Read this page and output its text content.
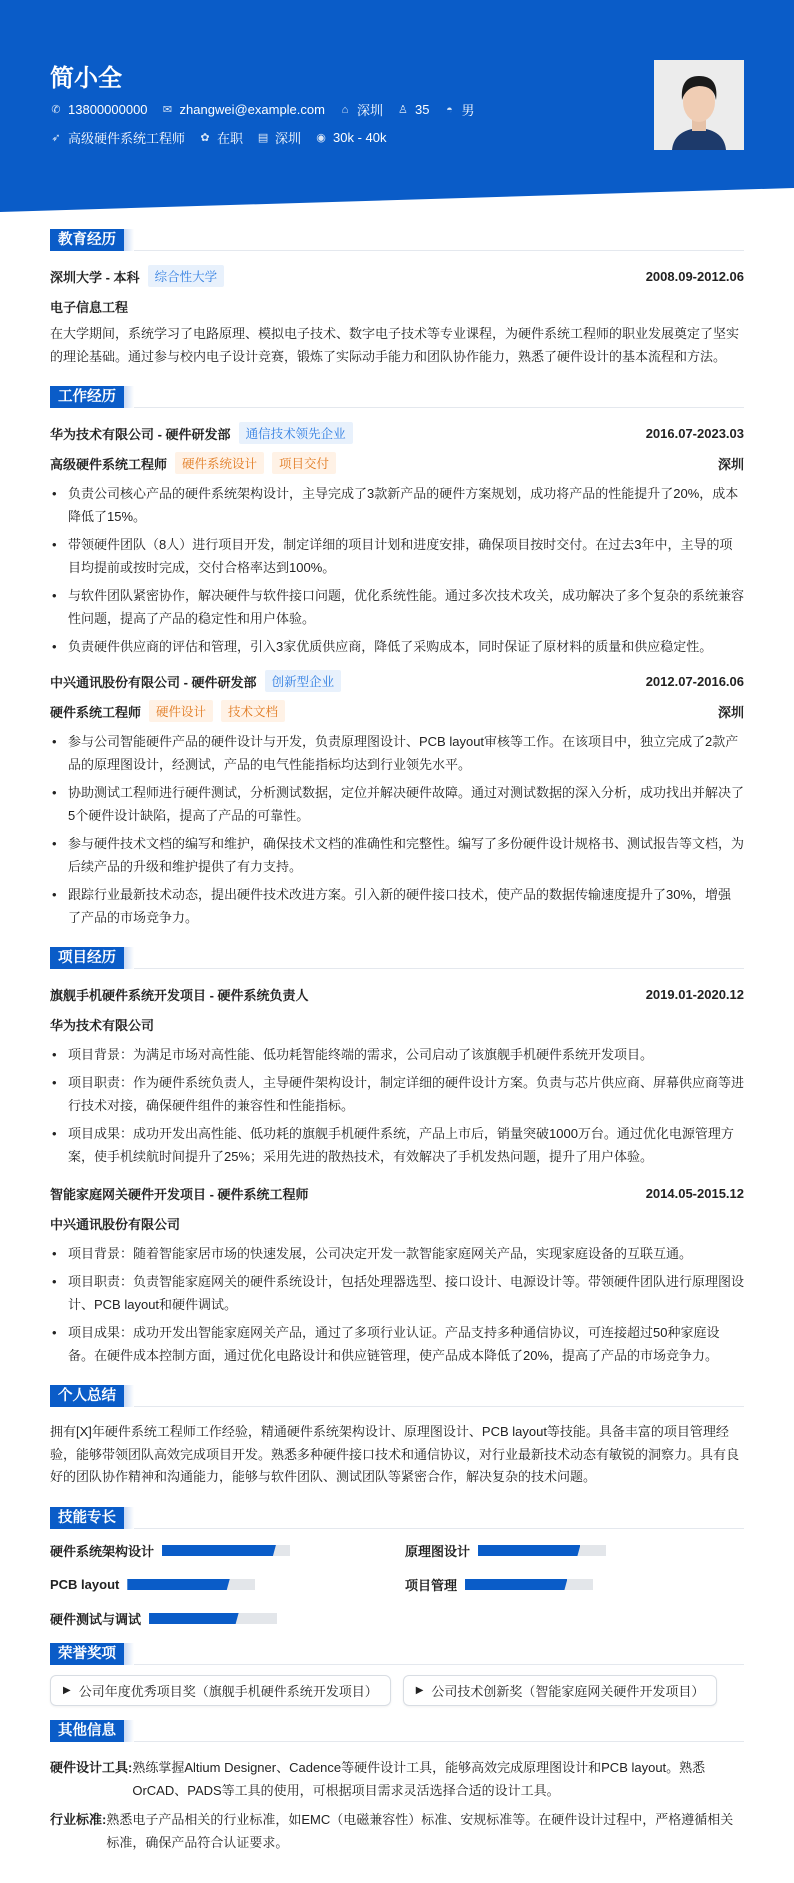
简小全
✆ 13800000000 ✉ zhangwei@example.com ⌂ 深圳 ♙ 35 ◓ 男
➶ 高级硬件系统工程师 ✿ 在职 ▤ 深圳 ◉ 30k - 40k
教育经历
深圳大学 - 本科	综合性大学	2008.09-2012.06
电子信息工程
在大学期间，系统学习了电路原理、模拟电子技术、数字电子技术等专业课程，为硬件系统工程师的职业发展奠定了坚实的理论基础。通过参与校内电子设计竞赛，锻炼了实际动手能力和团队协作能力，熟悉了硬件设计的基本流程和方法。
工作经历
华为技术有限公司 - 硬件研发部	通信技术领先企业	2016.07-2023.03
高级硬件系统工程师	硬件系统设计	项目交付	深圳
• 负责公司核心产品的硬件系统架构设计，主导完成了3款新产品的硬件方案规划，成功将产品的性能提升了20%，成本降低了15%。
• 带领硬件团队（8人）进行项目开发，制定详细的项目计划和进度安排，确保项目按时交付。在过去3年中，主导的项目均提前或按时完成，交付合格率达到100%。
• 与软件团队紧密协作，解决硬件与软件接口问题，优化系统性能。通过多次技术攻关，成功解决了多个复杂的系统兼容性问题，提高了产品的稳定性和用户体验。
• 负责硬件供应商的评估和管理，引入3家优质供应商，降低了采购成本，同时保证了原材料的质量和供应稳定性。
中兴通讯股份有限公司 - 硬件研发部	创新型企业	2012.07-2016.06
硬件系统工程师	硬件设计	技术文档	深圳
• 参与公司智能硬件产品的硬件设计与开发，负责原理图设计、PCB layout审核等工作。在该项目中，独立完成了2款产品的原理图设计，经测试，产品的电气性能指标均达到行业领先水平。
• 协助测试工程师进行硬件测试，分析测试数据，定位并解决硬件故障。通过对测试数据的深入分析，成功找出并解决了5个硬件设计缺陷，提高了产品的可靠性。
• 参与硬件技术文档的编写和维护，确保技术文档的准确性和完整性。编写了多份硬件设计规格书、测试报告等文档，为后续产品的升级和维护提供了有力支持。
• 跟踪行业最新技术动态，提出硬件技术改进方案。引入新的硬件接口技术，使产品的数据传输速度提升了30%，增强了产品的市场竞争力。
项目经历
旗舰手机硬件系统开发项目 - 硬件系统负责人	2019.01-2020.12
华为技术有限公司
• 项目背景：为满足市场对高性能、低功耗智能终端的需求，公司启动了该旗舰手机硬件系统开发项目。
• 项目职责：作为硬件系统负责人，主导硬件架构设计，制定详细的硬件设计方案。负责与芯片供应商、屏幕供应商等进行技术对接，确保硬件组件的兼容性和性能指标。
• 项目成果：成功开发出高性能、低功耗的旗舰手机硬件系统，产品上市后，销量突破1000万台。通过优化电源管理方案，使手机续航时间提升了25%；采用先进的散热技术，有效解决了手机发热问题，提升了用户体验。
智能家庭网关硬件开发项目 - 硬件系统工程师	2014.05-2015.12
中兴通讯股份有限公司
• 项目背景：随着智能家居市场的快速发展，公司决定开发一款智能家庭网关产品，实现家庭设备的互联互通。
• 项目职责：负责智能家庭网关的硬件系统设计，包括处理器选型、接口设计、电源设计等。带领硬件团队进行原理图设计、PCB layout和硬件调试。
• 项目成果：成功开发出智能家庭网关产品，通过了多项行业认证。产品支持多种通信协议，可连接超过50种家庭设备。在硬件成本控制方面，通过优化电路设计和供应链管理，使产品成本降低了20%，提高了产品的市场竞争力。
个人总结
拥有[X]年硬件系统工程师工作经验，精通硬件系统架构设计、原理图设计、PCB layout等技能。具备丰富的项目管理经验，能够带领团队高效完成项目开发。熟悉多种硬件接口技术和通信协议，对行业最新技术动态有敏锐的洞察力。具有良好的团队协作精神和沟通能力，能够与软件团队、测试团队等紧密合作，解决复杂的技术问题。
技能专长
硬件系统架构设计	原理图设计
PCB layout	项目管理
硬件测试与调试
荣誉奖项
▶ 公司年度优秀项目奖（旗舰手机硬件系统开发项目）	▶ 公司技术创新奖（智能家庭网关硬件开发项目）
其他信息
硬件设计工具: 熟练掌握Altium Designer、Cadence等硬件设计工具，能够高效完成原理图设计和PCB layout。熟悉OrCAD、PADS等工具的使用，可根据项目需求灵活选择合适的设计工具。
行业标准: 熟悉电子产品相关的行业标准，如EMC（电磁兼容性）标准、安规标准等。在硬件设计过程中，严格遵循相关标准，确保产品符合认证要求。
